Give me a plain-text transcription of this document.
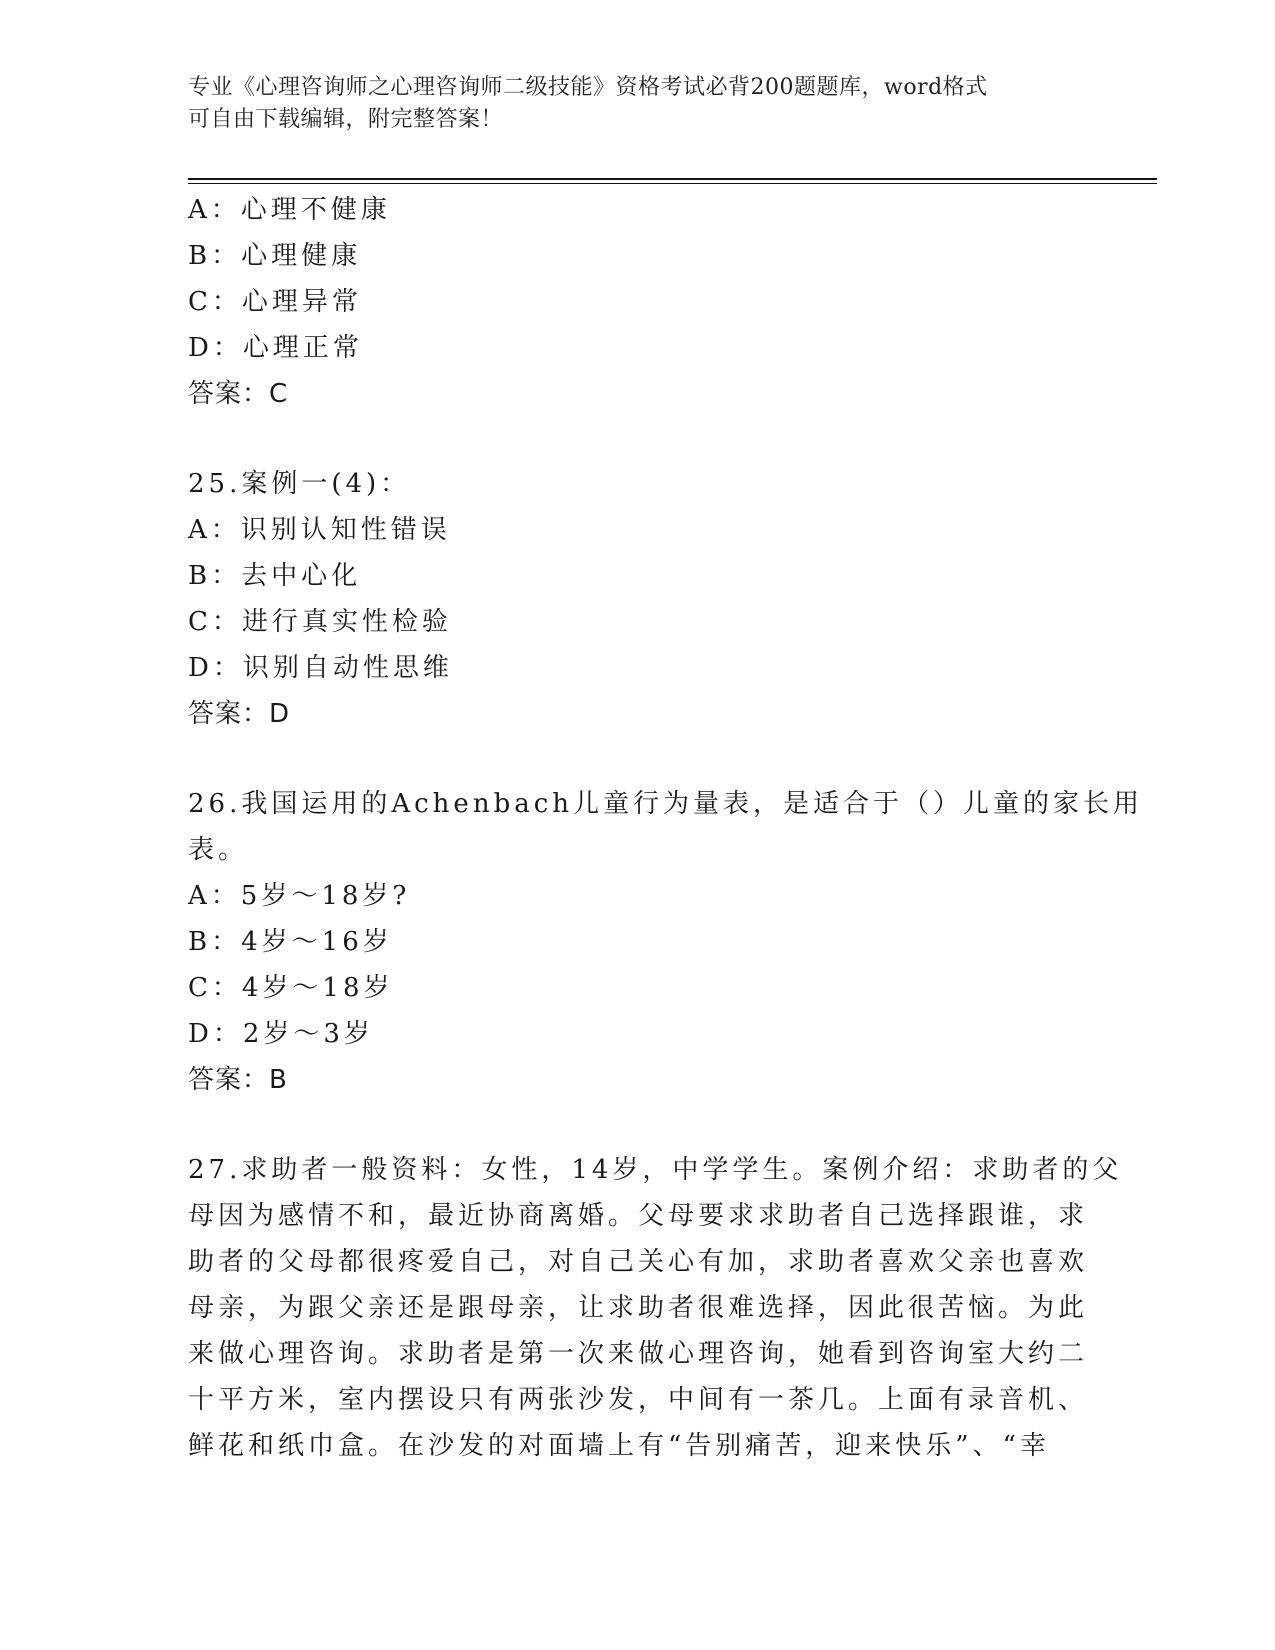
专业《心理咨询师之心理咨询师二级技能》资格考试必背200题题库，word格式
可自由下载编辑，附完整答案！
A：心理不健康
B：心理健康
C：心理异常
D：心理正常
答案：C
25.案例一(4)：
A：识别认知性错误
B：去中心化
C：进行真实性检验
D：识别自动性思维
答案：D
26.我国运用的Achenbach儿童行为量表，是适合于（）儿童的家长用
表。
A：5岁～18岁?
B：4岁～16岁
C：4岁～18岁
D：2岁～3岁
答案：B
27.求助者一般资料：女性，14岁，中学学生。案例介绍：求助者的父
母因为感情不和，最近协商离婚。父母要求求助者自己选择跟谁，求
助者的父母都很疼爱自己，对自己关心有加，求助者喜欢父亲也喜欢
母亲，为跟父亲还是跟母亲，让求助者很难选择，因此很苦恼。为此
来做心理咨询。求助者是第一次来做心理咨询，她看到咨询室大约二
十平方米，室内摆设只有两张沙发，中间有一茶几。上面有录音机、
鲜花和纸巾盒。在沙发的对面墙上有“告别痛苦，迎来快乐”、“幸
